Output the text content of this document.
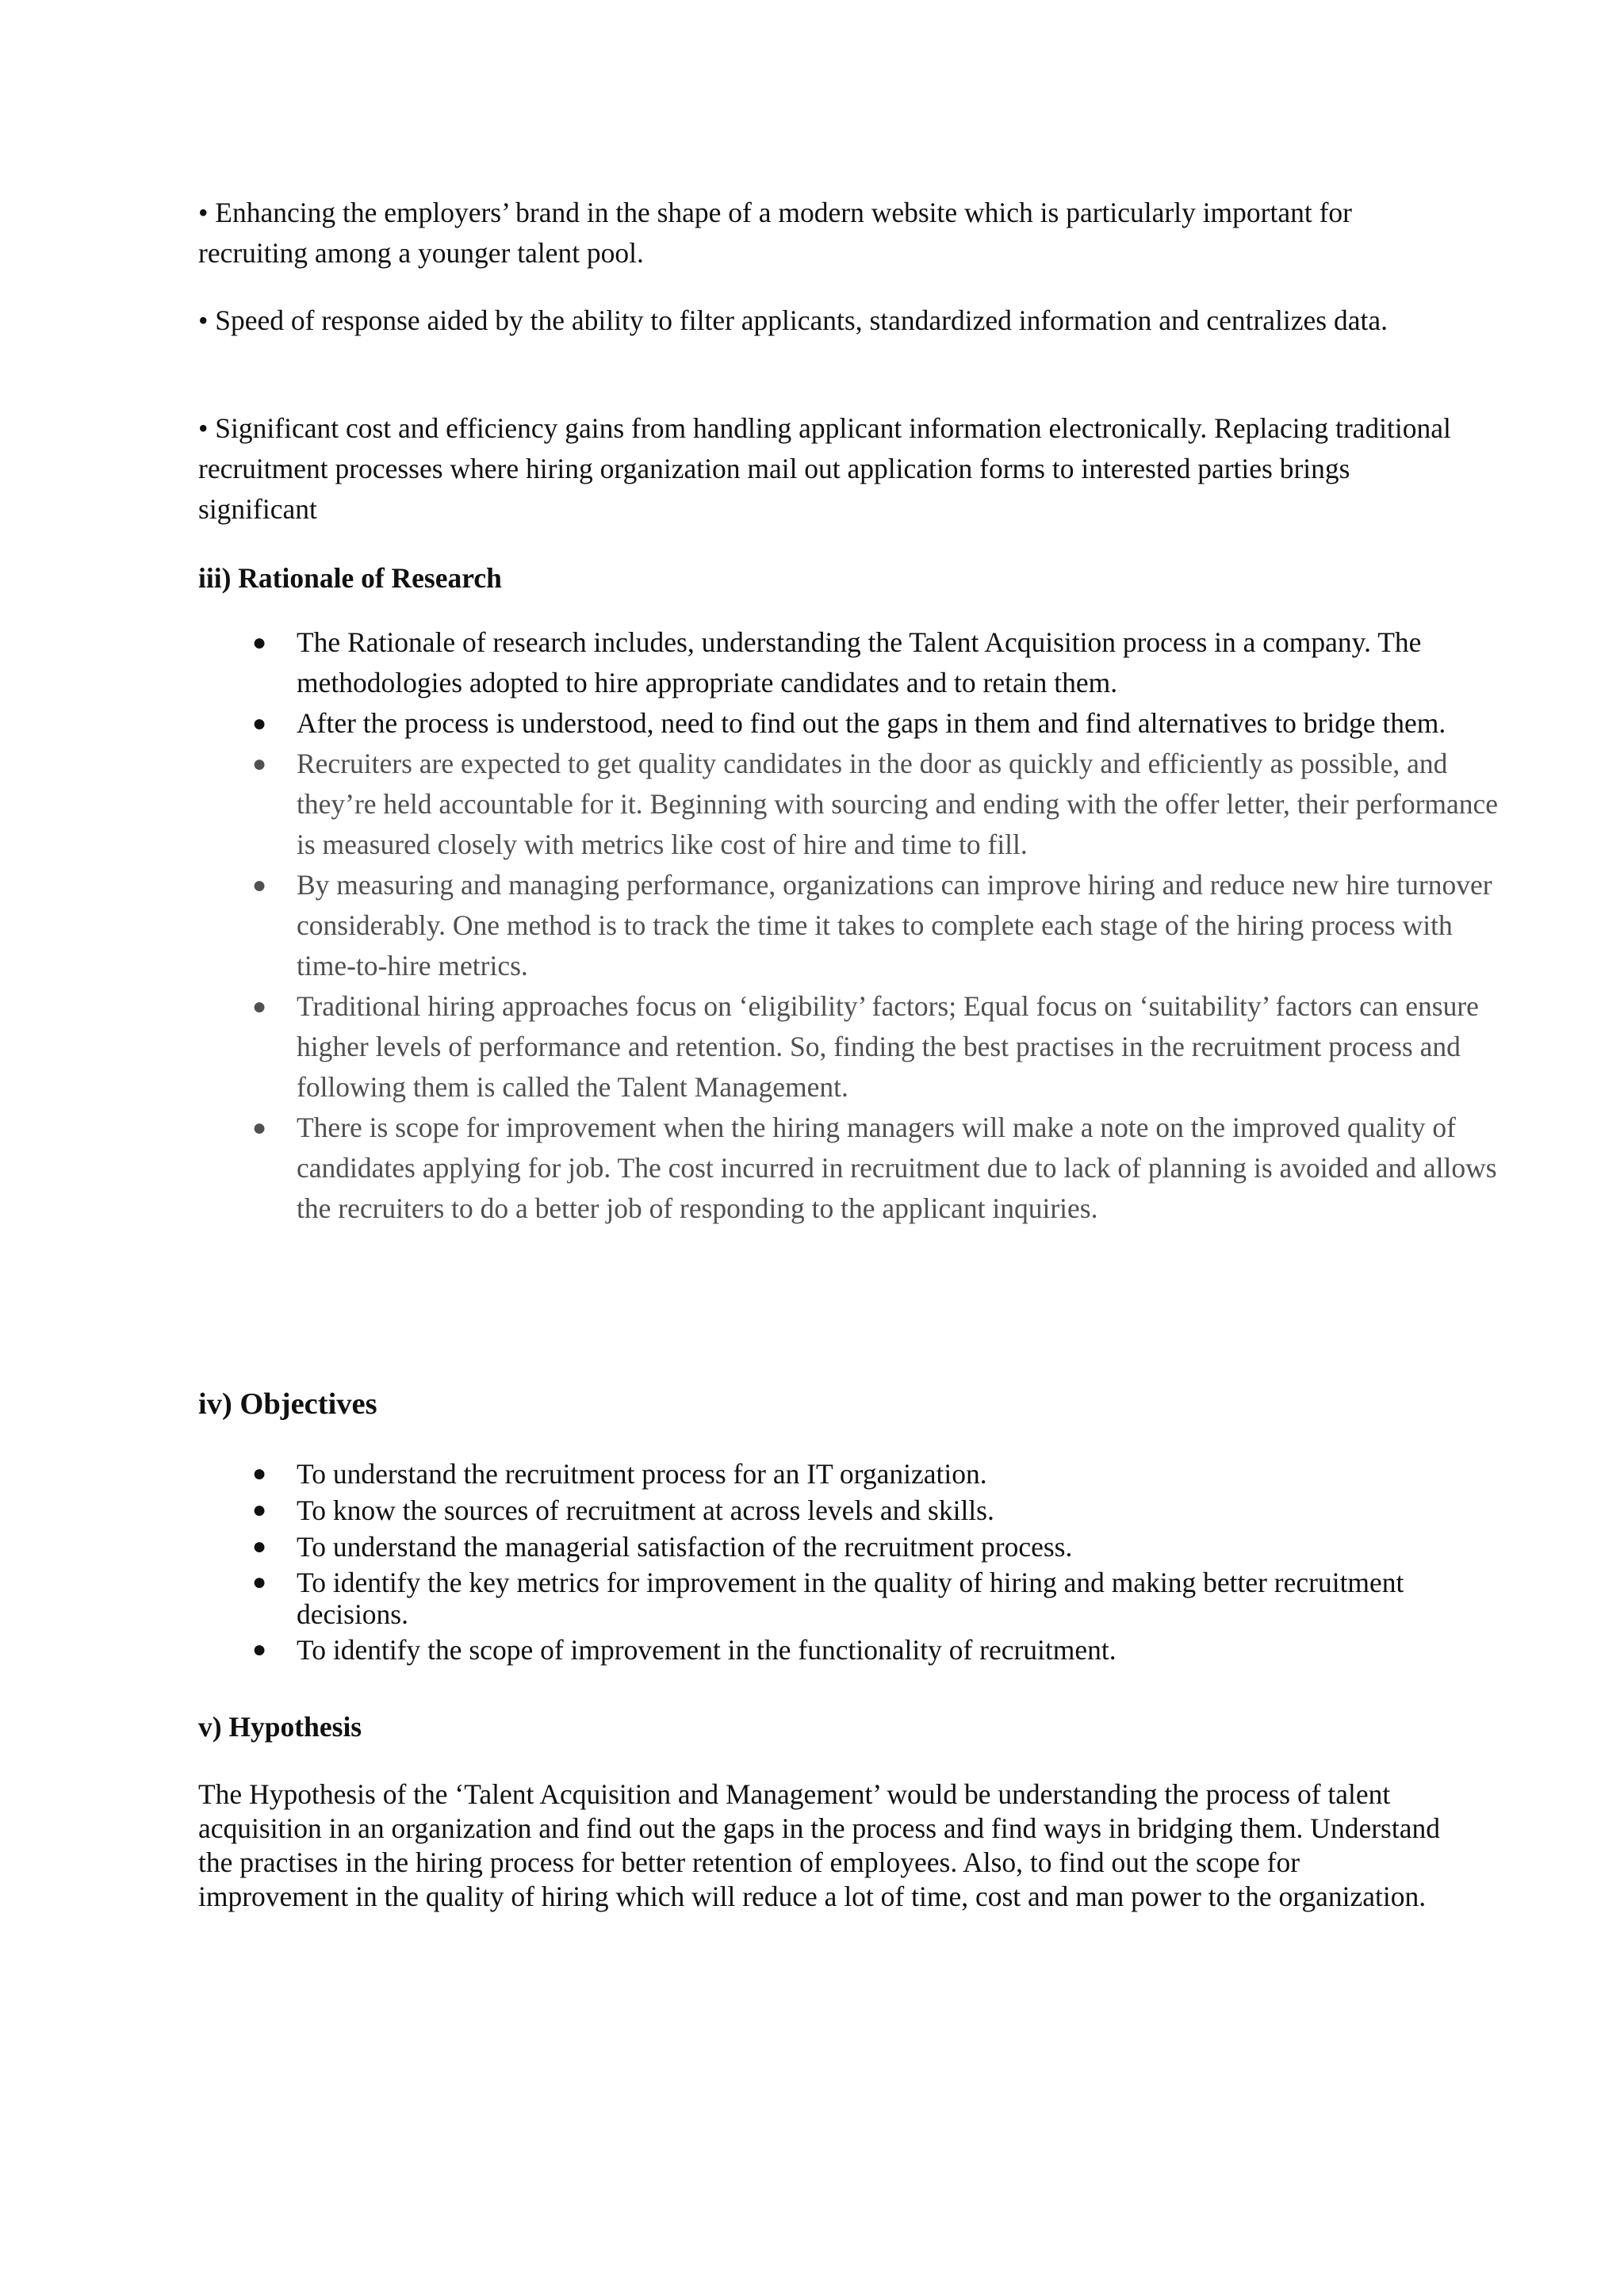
• Enhancing the employers’ brand in the shape of a modern website which is particularly important for recruiting among a younger talent pool.

• Speed of response aided by the ability to filter applicants, standardized information and centralizes data.

• Significant cost and efficiency gains from handling applicant information electronically. Replacing traditional recruitment processes where hiring organization mail out application forms to interested parties brings significant

iii) Rationale of Research
● The Rationale of research includes, understanding the Talent Acquisition process in a company. The methodologies adopted to hire appropriate candidates and to retain them.
● After the process is understood, need to find out the gaps in them and find alternatives to bridge them.
● Recruiters are expected to get quality candidates in the door as quickly and efficiently as possible, and they’re held accountable for it. Beginning with sourcing and ending with the offer letter, their performance is measured closely with metrics like cost of hire and time to fill.
● By measuring and managing performance, organizations can improve hiring and reduce new hire turnover considerably. One method is to track the time it takes to complete each stage of the hiring process with time-to-hire metrics.
● Traditional hiring approaches focus on ‘eligibility’ factors; Equal focus on ‘suitability’ factors can ensure higher levels of performance and retention. So, finding the best practises in the recruitment process and following them is called the Talent Management.
● There is scope for improvement when the hiring managers will make a note on the improved quality of candidates applying for job. The cost incurred in recruitment due to lack of planning is avoided and allows the recruiters to do a better job of responding to the applicant inquiries.
iv) Objectives
● To understand the recruitment process for an IT organization.
● To know the sources of recruitment at across levels and skills.
● To understand the managerial satisfaction of the recruitment process.
● To identify the key metrics for improvement in the quality of hiring and making better recruitment decisions.
● To identify the scope of improvement in the functionality of recruitment.
v) Hypothesis

The Hypothesis of the ‘Talent Acquisition and Management’ would be understanding the process of talent acquisition in an organization and find out the gaps in the process and find ways in bridging them. Understand the practises in the hiring process for better retention of employees. Also, to find out the scope for improvement in the quality of hiring which will reduce a lot of time, cost and man power to the organization.
